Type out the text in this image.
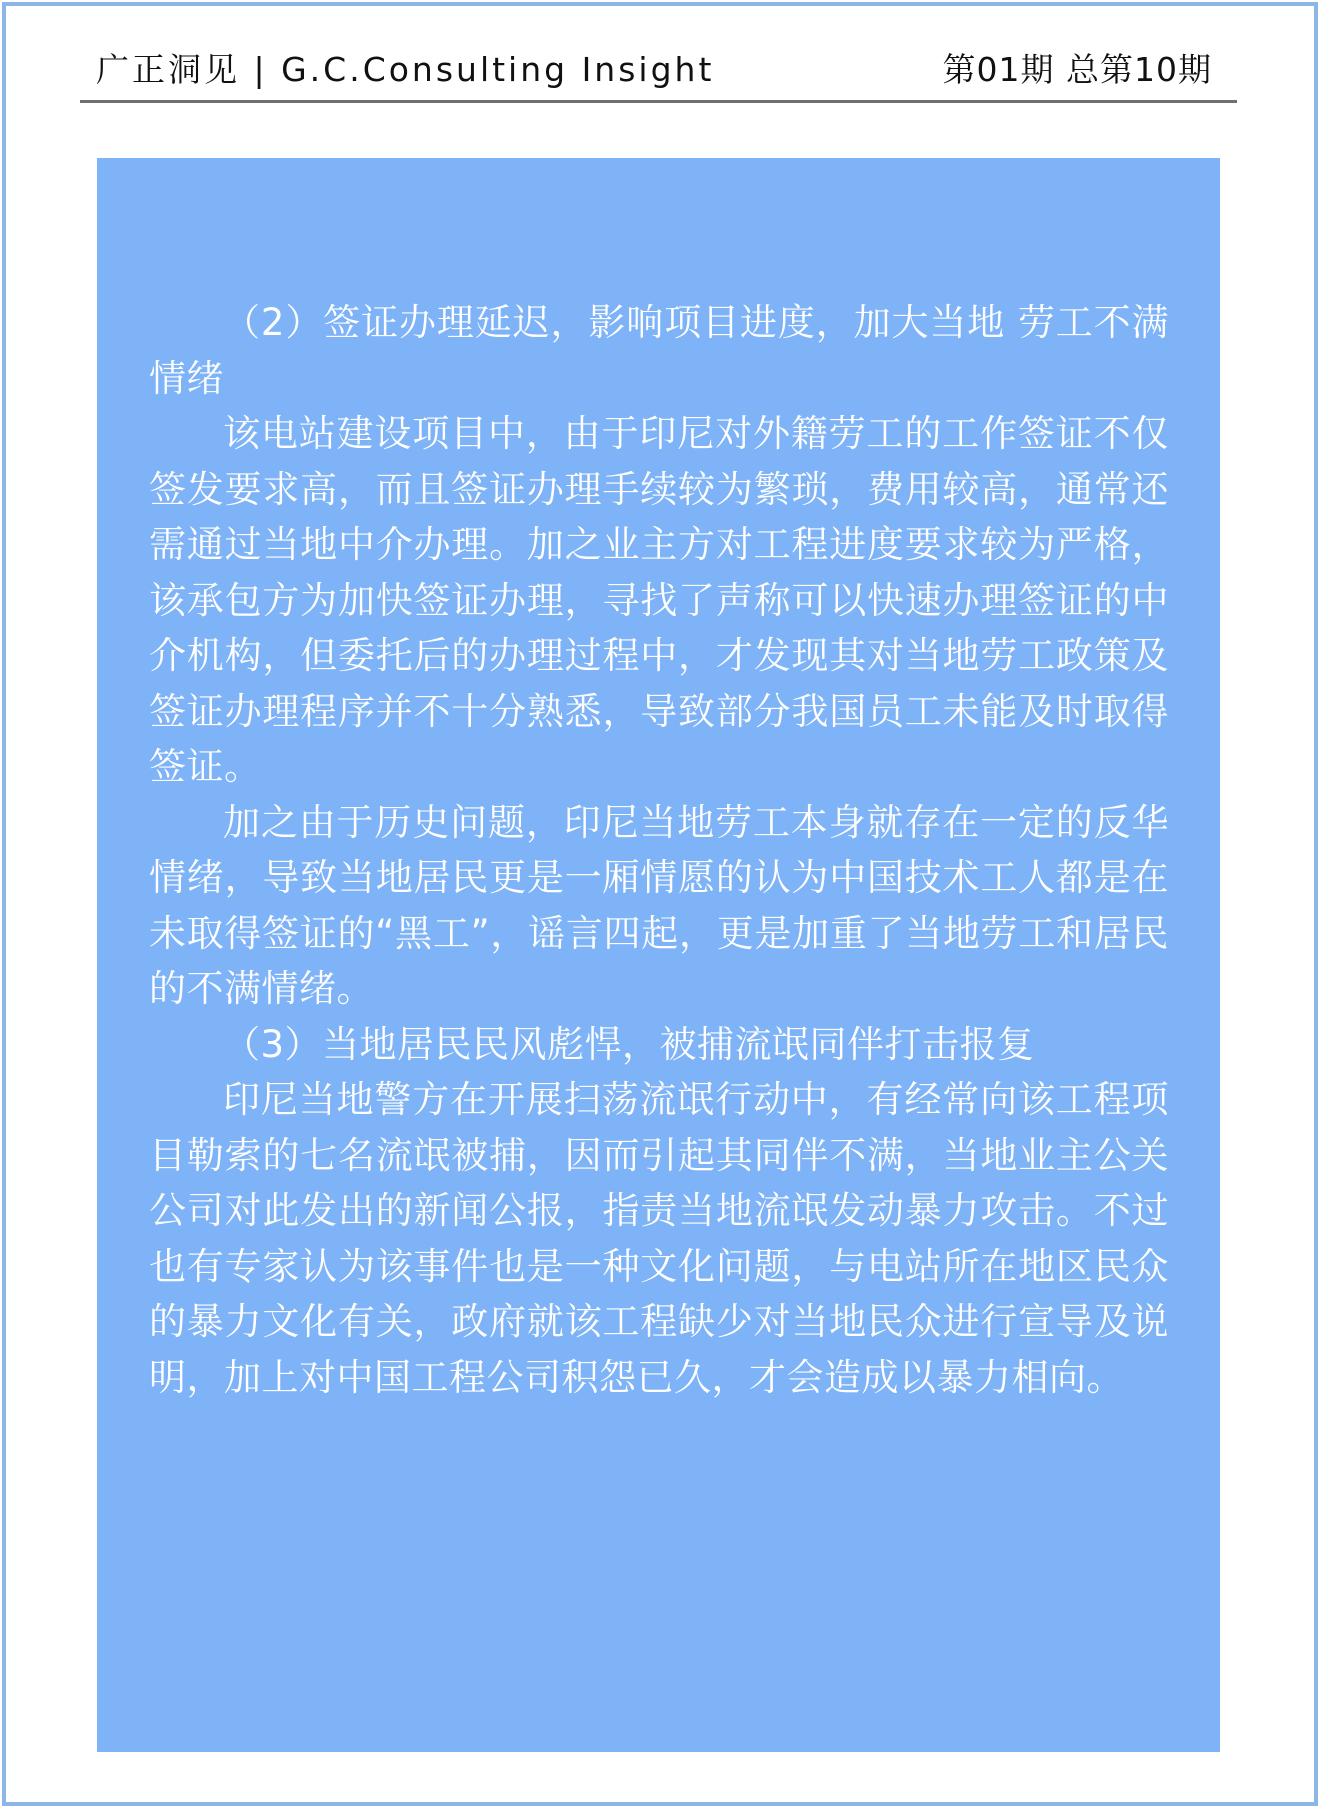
广正洞见 | G.C.Consulting Insight	第01期 总第10期

（2）签证办理延迟，影响项目进度，加大当地 劳工不满情绪

该电站建设项目中，由于印尼对外籍劳工的工作签证不仅签发要求高，而且签证办理手续较为繁琐，费用较高，通常还需通过当地中介办理。加之业主方对工程进度要求较为严格，该承包方为加快签证办理，寻找了声称可以快速办理签证的中介机构，但委托后的办理过程中，才发现其对当地劳工政策及签证办理程序并不十分熟悉，导致部分我国员工未能及时取得签证。

加之由于历史问题，印尼当地劳工本身就存在一定的反华情绪，导致当地居民更是一厢情愿的认为中国技术工人都是在未取得签证的“黑工”，谣言四起，更是加重了当地劳工和居民的不满情绪。

（3）当地居民民风彪悍，被捕流氓同伴打击报复

印尼当地警方在开展扫荡流氓行动中，有经常向该工程项目勒索的七名流氓被捕，因而引起其同伴不满，当地业主公关公司对此发出的新闻公报，指责当地流氓发动暴力攻击。不过也有专家认为该事件也是一种文化问题，与电站所在地区民众的暴力文化有关，政府就该工程缺少对当地民众进行宣导及说明，加上对中国工程公司积怨已久，才会造成以暴力相向。
